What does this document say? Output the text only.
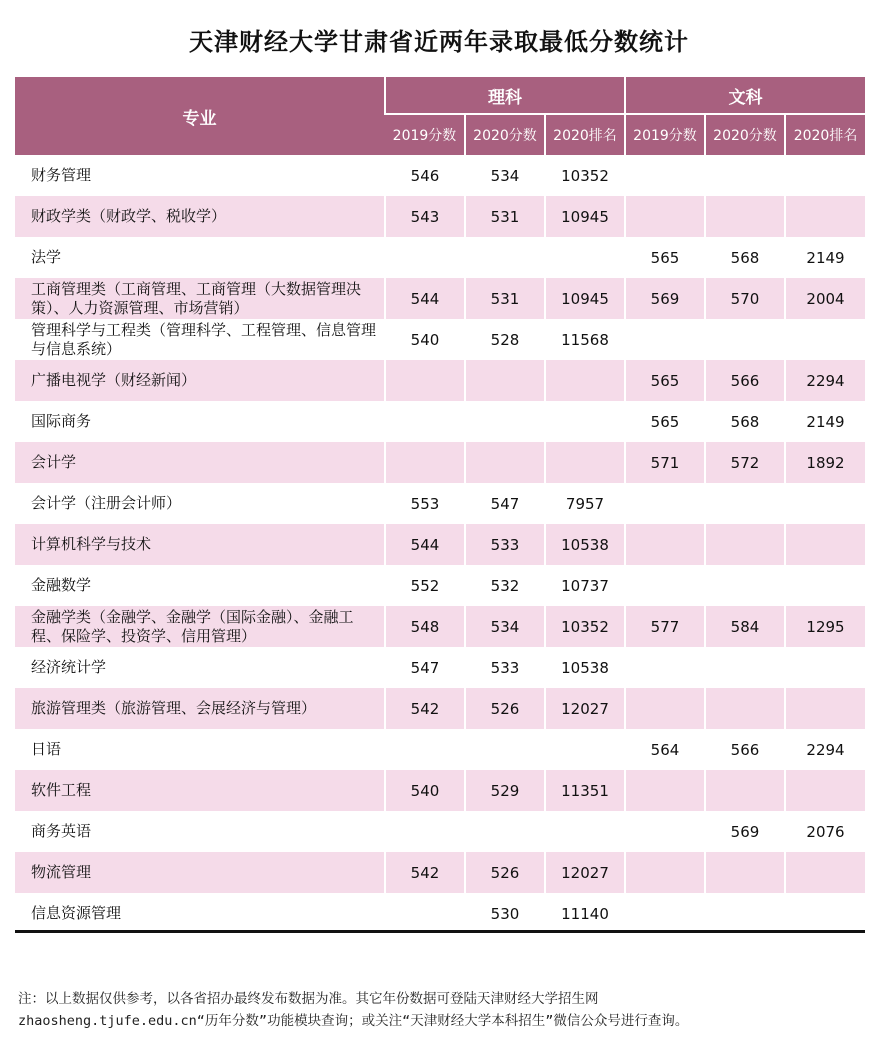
天津财经大学甘肃省近两年录取最低分数统计
专业	理科			文科		
	2019分数	2020分数	2020排名	2019分数	2020分数	2020排名
财务管理	546	534	10352			
财政学类（财政学、税收学）	543	531	10945			
法学				565	568	2149
工商管理类（工商管理、工商管理（大数据管理决策）、人力资源管理、市场营销）	544	531	10945	569	570	2004
管理科学与工程类（管理科学、工程管理、信息管理与信息系统）	540	528	11568			
广播电视学（财经新闻）				565	566	2294
国际商务				565	568	2149
会计学				571	572	1892
会计学（注册会计师）	553	547	7957			
计算机科学与技术	544	533	10538			
金融数学	552	532	10737			
金融学类（金融学、金融学（国际金融）、金融工程、保险学、投资学、信用管理）	548	534	10352	577	584	1295
经济统计学	547	533	10538			
旅游管理类（旅游管理、会展经济与管理）	542	526	12027			
日语				564	566	2294
软件工程	540	529	11351			
商务英语					569	2076
物流管理	542	526	12027			
信息资源管理		530	11140			
注：以上数据仅供参考，以各省招办最终发布数据为准。其它年份数据可登陆天津财经大学招生网
zhaosheng.tjufe.edu.cn“历年分数”功能模块查询；或关注“天津财经大学本科招生”微信公众号进行查询。
